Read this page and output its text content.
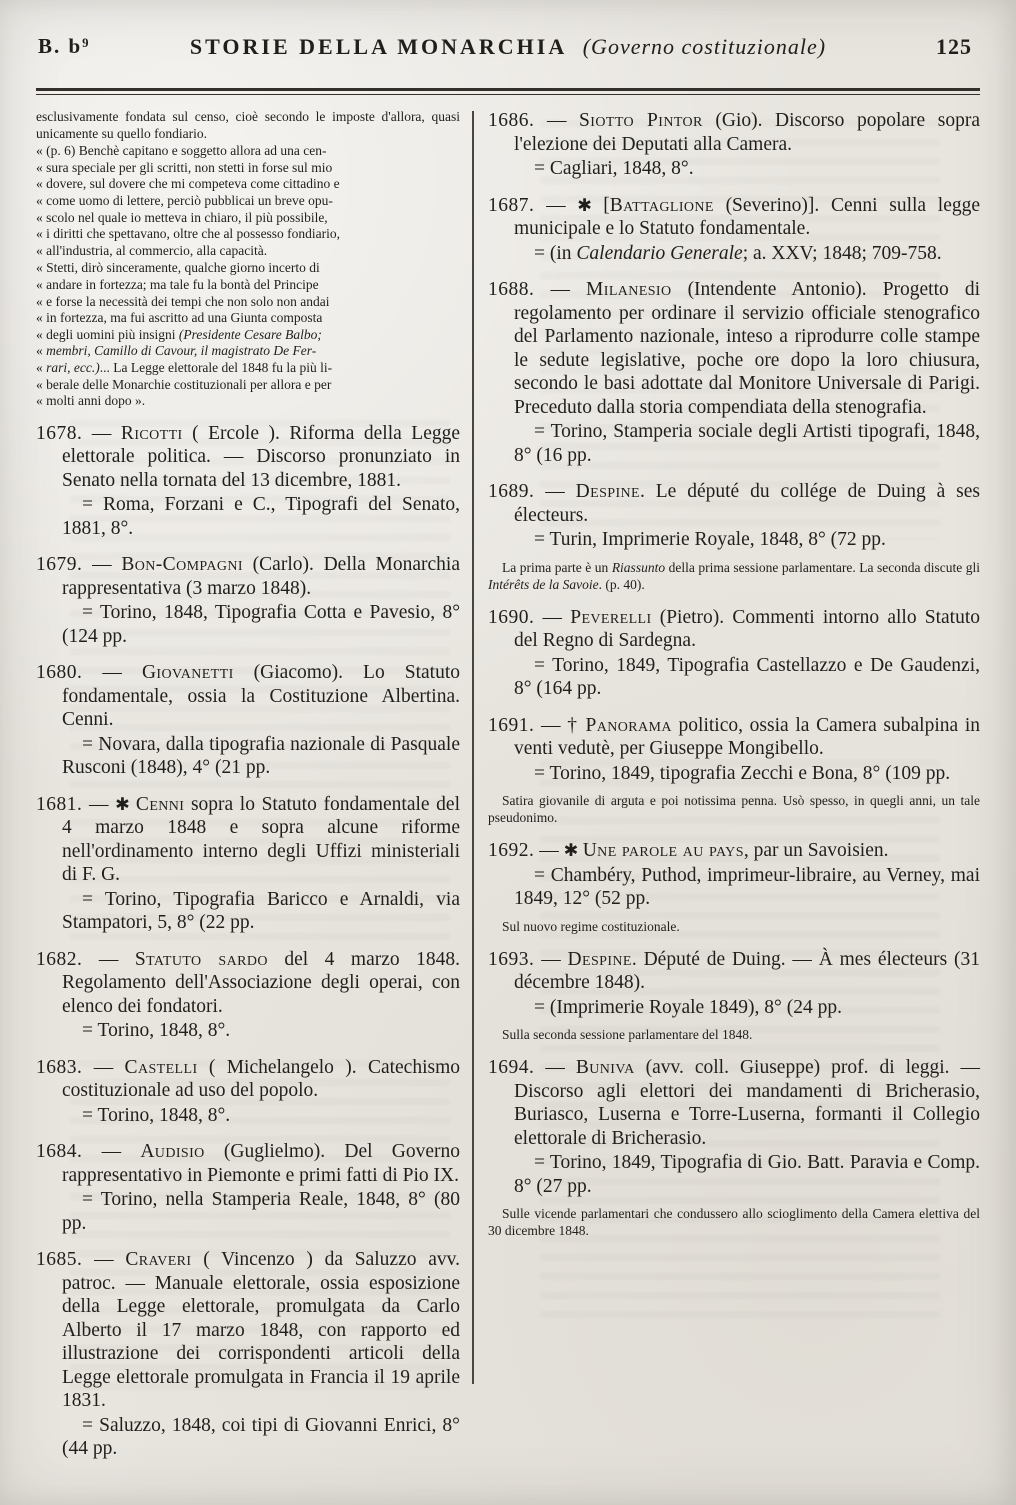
B. b⁹	STORIE DELLA MONARCHIA (Governo costituzionale)	125

esclusivamente fondata sul censo, cioè secondo le imposte d'allora, quasi unicamente su quello fondiario.

« (p. 6) Benchè capitano e soggetto allora ad una cen-
« sura speciale per gli scritti, non stetti in forse sul mio
« dovere, sul dovere che mi competeva come cittadino e
« come uomo di lettere, perciò pubblicai un breve opu-
« scolo nel quale io metteva in chiaro, il più possibile,
« i diritti che spettavano, oltre che al possesso fondiario,
« all'industria, al commercio, alla capacità.
« Stetti, dirò sinceramente, qualche giorno incerto di
« andare in fortezza; ma tale fu la bontà del Principe
« e forse la necessità dei tempi che non solo non andai
« in fortezza, ma fui ascritto ad una Giunta composta
« degli uomini più insigni (Presidente Cesare Balbo;
« membri, Camillo di Cavour, il magistrato De Fer-
« rari, ecc.)... La Legge elettorale del 1848 fu la più li-
« berale delle Monarchie costituzionali per allora e per
« molti anni dopo ».

1678. — Ricotti ( Ercole ). Riforma della Legge elettorale politica. — Discorso pronunziato in Senato nella tornata del 13 dicembre, 1881.

= Roma, Forzani e C., Tipografi del Senato, 1881, 8°.

1679. — Bon-Compagni (Carlo). Della Monarchia rappresentativa (3 marzo 1848).

= Torino, 1848, Tipografia Cotta e Pavesio, 8° (124 pp.

1680. — Giovanetti (Giacomo). Lo Statuto fondamentale, ossia la Costituzione Albertina. Cenni.

= Novara, dalla tipografia nazionale di Pasquale Rusconi (1848), 4° (21 pp.

1681. — ✱ Cenni sopra lo Statuto fondamentale del 4 marzo 1848 e sopra alcune riforme nell'ordinamento interno degli Uffizi ministeriali di F. G.

= Torino, Tipografia Baricco e Arnaldi, via Stampatori, 5, 8° (22 pp.

1682. — Statuto sardo del 4 marzo 1848. Regolamento dell'Associazione degli operai, con elenco dei fondatori.

= Torino, 1848, 8°.

1683. — Castelli ( Michelangelo ). Catechismo costituzionale ad uso del popolo.

= Torino, 1848, 8°.

1684. — Audisio (Guglielmo). Del Governo rappresentativo in Piemonte e primi fatti di Pio IX.

= Torino, nella Stamperia Reale, 1848, 8° (80 pp.

1685. — Craveri ( Vincenzo ) da Saluzzo avv. patroc. — Manuale elettorale, ossia esposizione della Legge elettorale, promulgata da Carlo Alberto il 17 marzo 1848, con rapporto ed illustrazione dei corrispondenti articoli della Legge elettorale promulgata in Francia il 19 aprile 1831.

= Saluzzo, 1848, coi tipi di Giovanni Enrici, 8° (44 pp.

1686. — Siotto Pintor (Gio). Discorso popolare sopra l'elezione dei Deputati alla Camera.

= Cagliari, 1848, 8°.

1687. — ✱ [Battaglione (Severino)]. Cenni sulla legge municipale e lo Statuto fondamentale.

= (in Calendario Generale; a. XXV; 1848; 709-758.

1688. — Milanesio (Intendente Antonio). Progetto di regolamento per ordinare il servizio officiale stenografico del Parlamento nazionale, inteso a riprodurre colle stampe le sedute legislative, poche ore dopo la loro chiusura, secondo le basi adottate dal Monitore Universale di Parigi. Preceduto dalla storia compendiata della stenografia.

= Torino, Stamperia sociale degli Artisti tipografi, 1848, 8° (16 pp.

1689. — Despine. Le député du collége de Duing à ses électeurs.

= Turin, Imprimerie Royale, 1848, 8° (72 pp.

La prima parte è un Riassunto della prima sessione parlamentare. La seconda discute gli Intérêts de la Savoie. (p. 40).

1690. — Peverelli (Pietro). Commenti intorno allo Statuto del Regno di Sardegna.

= Torino, 1849, Tipografia Castellazzo e De Gaudenzi, 8° (164 pp.

1691. — † Panorama politico, ossia la Camera subalpina in venti vedutè, per Giuseppe Mongibello.

= Torino, 1849, tipografia Zecchi e Bona, 8° (109 pp.

Satira giovanile di arguta e poi notissima penna. Usò spesso, in quegli anni, un tale pseudonimo.

1692. — ✱ Une parole au pays, par un Savoisien.

= Chambéry, Puthod, imprimeur-libraire, au Verney, mai 1849, 12° (52 pp.

Sul nuovo regime costituzionale.

1693. — Despine. Député de Duing. — À mes électeurs (31 décembre 1848).

= (Imprimerie Royale 1849), 8° (24 pp.

Sulla seconda sessione parlamentare del 1848.

1694. — Buniva (avv. coll. Giuseppe) prof. di leggi. — Discorso agli elettori dei mandamenti di Bricherasio, Buriasco, Luserna e Torre-Luserna, formanti il Collegio elettorale di Bricherasio.

= Torino, 1849, Tipografia di Gio. Batt. Paravia e Comp. 8° (27 pp.

Sulle vicende parlamentari che condussero allo scioglimento della Camera elettiva del 30 dicembre 1848.
